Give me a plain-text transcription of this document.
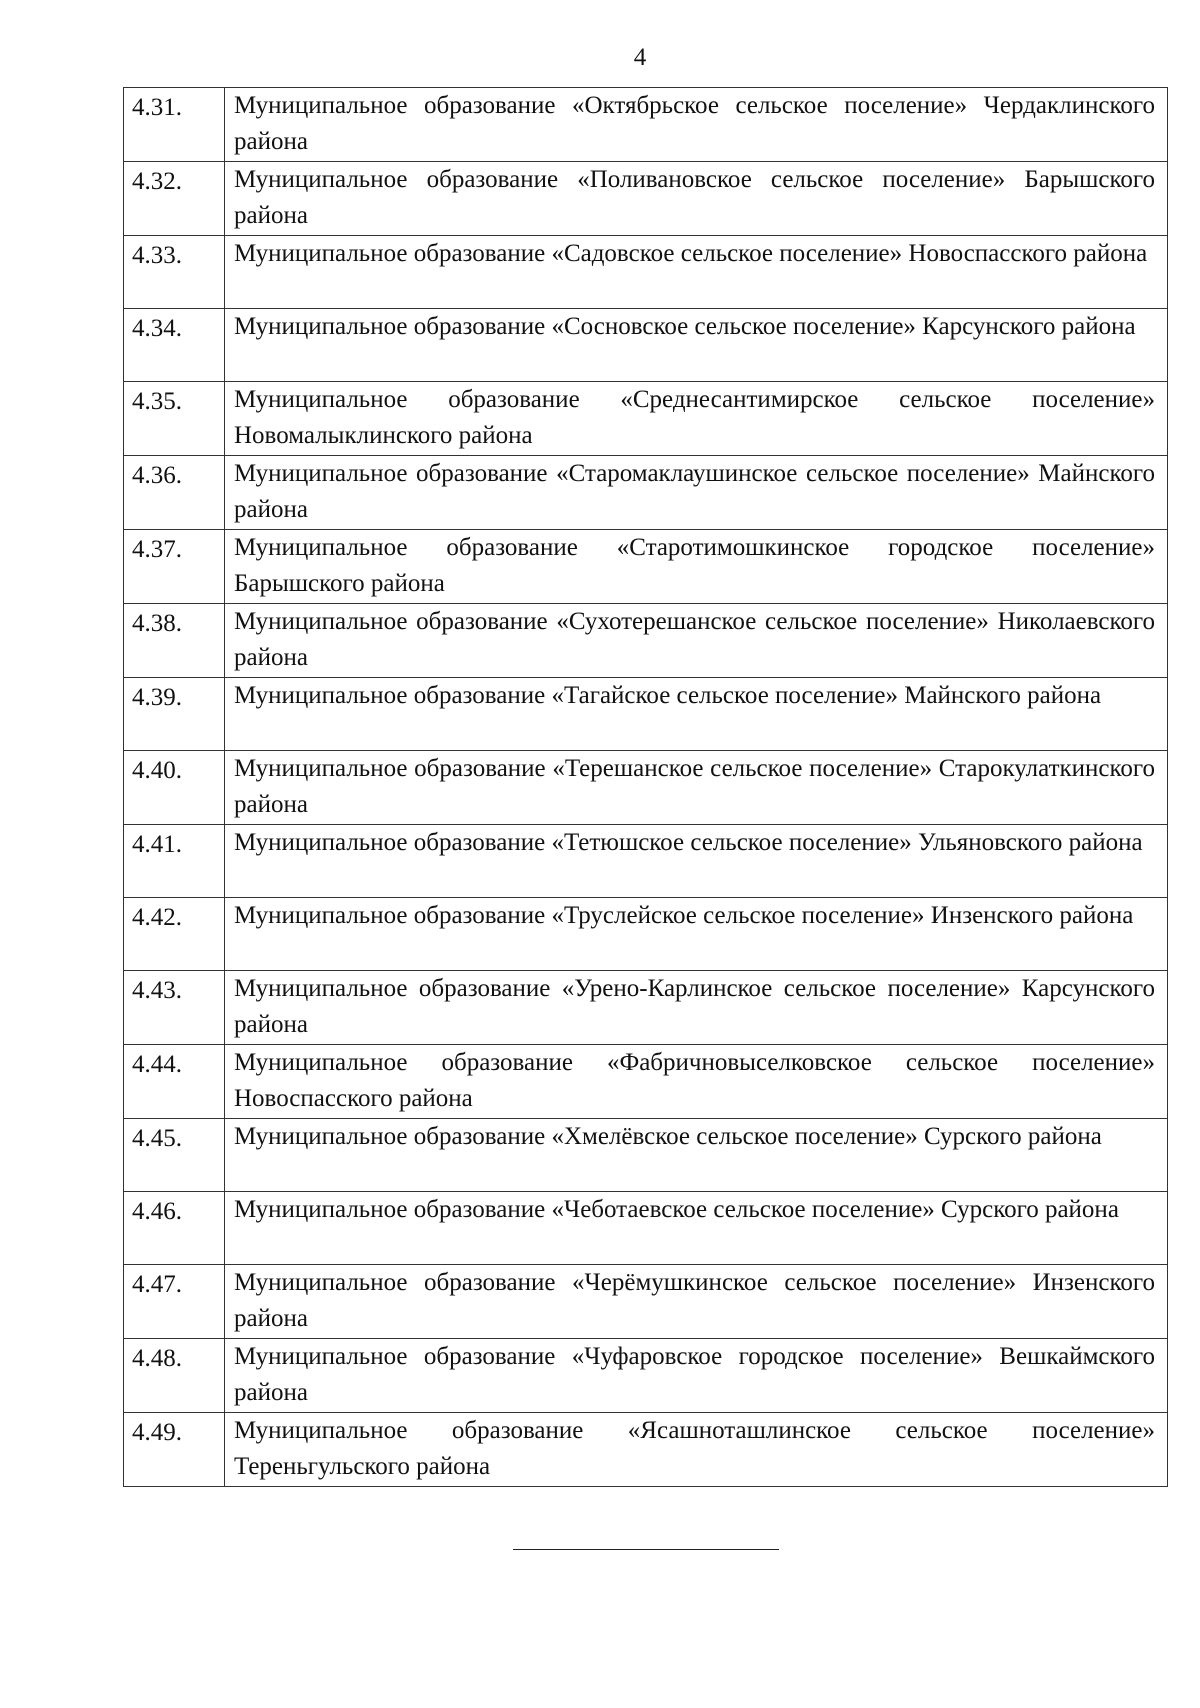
4
4.31.	Муниципальное образование «Октябрьское сельское поселение» Чердаклинского района
4.32.	Муниципальное образование «Поливановское сельское поселение» Барышского района
4.33.	Муниципальное образование «Садовское сельское поселение» Новоспасского района
4.34.	Муниципальное образование «Сосновское сельское поселение» Карсунского района
4.35.	Муниципальное образование «Среднесантимирское сельское поселение» Новомалыклинского района
4.36.	Муниципальное образование «Старомаклаушинское сельское поселение» Майнского района
4.37.	Муниципальное образование «Старотимошкинское городское поселение» Барышского района
4.38.	Муниципальное образование «Сухотерешанское сельское поселение» Николаевского района
4.39.	Муниципальное образование «Тагайское сельское поселение» Майнского района
4.40.	Муниципальное образование «Терешанское сельское поселение» Старокулаткинского района
4.41.	Муниципальное образование «Тетюшское сельское поселение» Ульяновского района
4.42.	Муниципальное образование «Труслейское сельское поселение» Инзенского района
4.43.	Муниципальное образование «Урено-Карлинское сельское поселение» Карсунского района
4.44.	Муниципальное образование «Фабричновыселковское сельское поселение» Новоспасского района
4.45.	Муниципальное образование «Хмелёвское сельское поселение» Сурского района
4.46.	Муниципальное образование «Чеботаевское сельское поселение» Сурского района
4.47.	Муниципальное образование «Черёмушкинское сельское поселение» Инзенского района
4.48.	Муниципальное образование «Чуфаровское городское поселение» Вешкаймского района
4.49.	Муниципальное образование «Ясашноташлинское сельское поселение» Тереньгульского района
